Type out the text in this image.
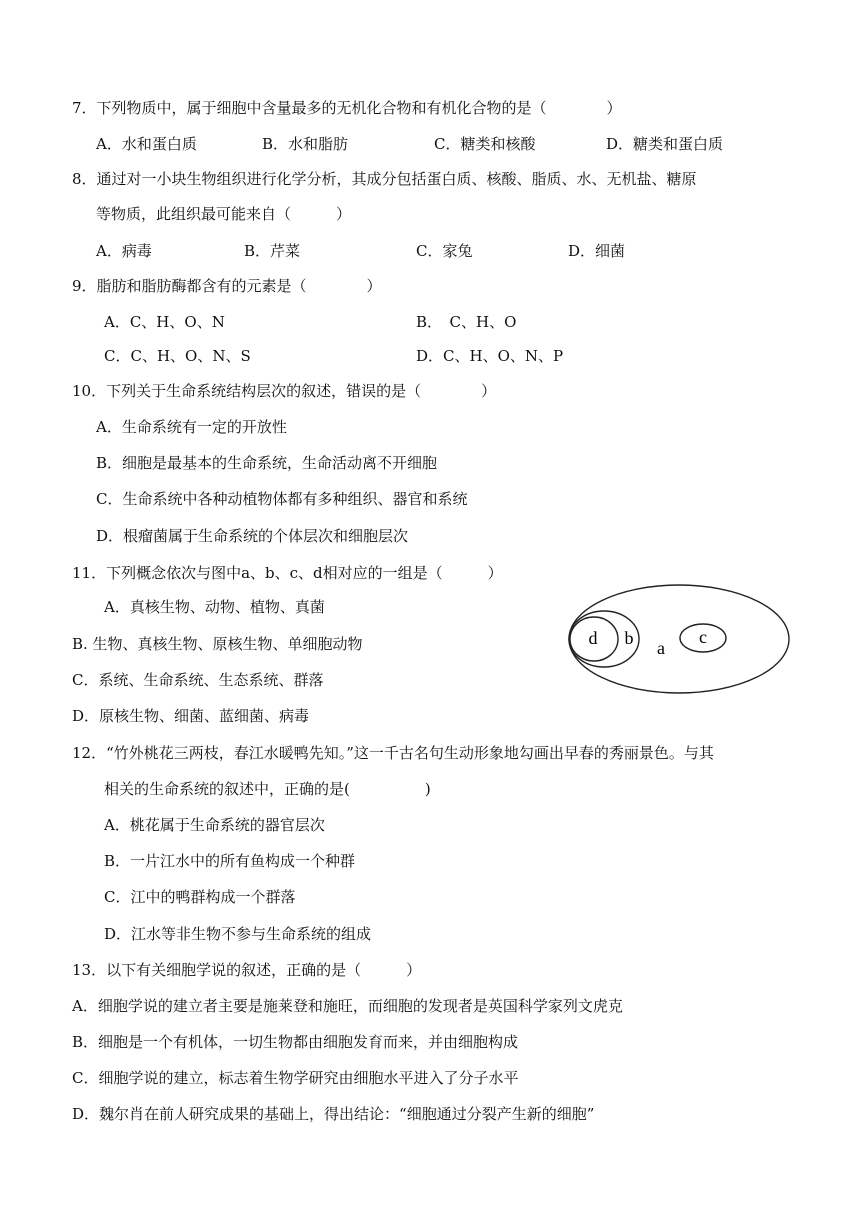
7．下列物质中，属于细胞中含量最多的无机化合物和有机化合物的是（　　　　）
A．水和蛋白质	B．水和脂肪	C．糖类和核酸	D．糖类和蛋白质
8．通过对一小块生物组织进行化学分析，其成分包括蛋白质、核酸、脂质、水、无机盐、糖原
等物质，此组织最可能来自（　　　）
A．病毒	B．芹菜	C．家兔	D．细菌
9．脂肪和脂肪酶都含有的元素是（　　　　）
A．C、H、O、N	B．　C、H、O
C．C、H、O、N、S	D．C、H、O、N、P
10．下列关于生命系统结构层次的叙述，错误的是（　　　　）
A．生命系统有一定的开放性
B．细胞是最基本的生命系统，生命活动离不开细胞
C．生命系统中各种动植物体都有多种组织、器官和系统
D．根瘤菌属于生命系统的个体层次和细胞层次
11．下列概念依次与图中a、b、c、d相对应的一组是（　　　）
A．真核生物、动物、植物、真菌
B. 生物、真核生物、原核生物、单细胞动物
C．系统、生命系统、生态系统、群落
D．原核生物、细菌、蓝细菌、病毒
d b a
c
12．“竹外桃花三两枝，春江水暖鸭先知。”这一千古名句生动形象地勾画出早春的秀丽景色。与其
相关的生命系统的叙述中，正确的是(　　　　　)
A．桃花属于生命系统的器官层次
B．一片江水中的所有鱼构成一个种群
C．江中的鸭群构成一个群落
D．江水等非生物不参与生命系统的组成
13．以下有关细胞学说的叙述，正确的是（　　　）
A．细胞学说的建立者主要是施莱登和施旺，而细胞的发现者是英国科学家列文虎克
B．细胞是一个有机体，一切生物都由细胞发育而来，并由细胞构成
C．细胞学说的建立，标志着生物学研究由细胞水平进入了分子水平
D．魏尔肖在前人研究成果的基础上，得出结论：“细胞通过分裂产生新的细胞”
